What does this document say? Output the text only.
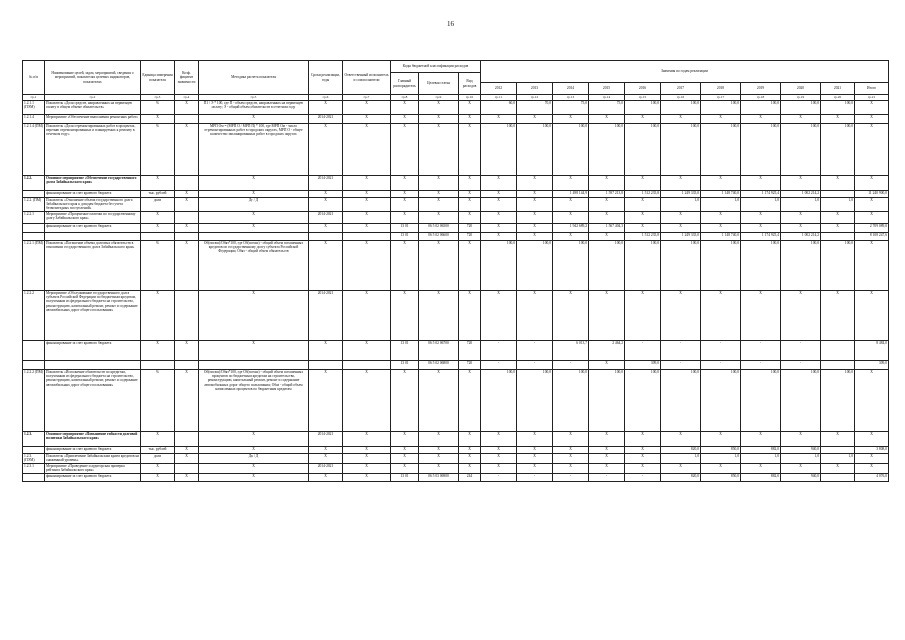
16
№ п/п	Наименование целей, задач, мероприятий, сведения о мероприятий, показателях целевых индикаторов, показателях	Единица измерения показателя	Коэф. фициент значимости	Методика расчета показателя	Сроки реализации, годы	Ответственный исполнитель и соисполнители	Коды бюджетной классификации расходов			Значения по годам реализации										
							Главный распорядитель	Целевая статья	Вид расходов											
										2012	2013	2014	2015	2016	2017	2018	2019	2020	2021	Итого
гр.1	гр.2	гр.3	гр.4	гр.5	гр.6	гр.7	гр.8	гр.9	гр.10	гр.11	гр.12	гр.13	гр.14	гр.15	гр.16	гр.17	гр.18	гр.19	гр.20	гр.21
1.2.1.1 (ПЭМ)	Показатель «Доля средств, направленных на первичную оплату в общем объеме обязательств»	%	Х	П1 / Э * 100, где П - объем средств, направленных на первичную оплату; Э - общий объем обязательств в отчетном году	Х	Х	Х	Х	Х	60,0	70,0	75,0	75,0	100,0	100,0	100,0	100,0	100,0	100,0	Х
1.2.1.4	Мероприятие «Обеспечение выполнения ремонтных работ»	Х		Х	2014-2021	Х	Х	Х	Х	Х	Х	Х	Х	Х	Х	Х	Х	Х	Х	Х
1.2.1.4 (ПМ)	Показатель «Доля отремонтированных работ в процентах, перечню отремонтированных и планируемых к ремонту в отчетном году»	%	Х	МРП Ом = (МРП О / МРП П) * 100, где МРП Ом - число отремонтированных работ в городских округах, МРП О - общее количество запланированных работ в городских округах	Х	Х	Х	Х	Х	100,0	100,0	100,0	100,0	100,0	100,0	100,0	100,0	100,0	100,0	Х
1.2.2.	Основное мероприятие «Обеспечение государственного долга Забайкальского края»	Х		Х	2014-2021	Х	Х	Х	Х	Х	Х	Х	Х	Х	Х	Х	Х	Х	Х	Х
	финансирование за счет краевого бюджета	тыс. рублей	Х	Х	Х	Х	Х	Х	Х	Х	Х	1 498 144,9	1 597 213,8	1 512 235,8	1 249 335,0	1 148 740,0	1 174 925,4	1 002 214,2		11 240 900,0
1.2.2. (ПМ)	Показатель «Отношение объема государственного долга Забайкальского края к доходам бюджета без учета безвозмездных поступлений»	доли	Х	Дг / Д	Х	Х	Х	Х	Х	Х	Х	Х	Х	Х	1,0	1,0	1,0	1,0	1,0	Х
1.2.2.1	Мероприятие «Процентные платежи по государственному долгу Забайкальского края»	Х		Х	2014-2021	Х	Х	Х	Х	Х	Х	Х	Х	Х	Х	Х	Х	Х	Х	Х
	финансирование за счет краевого бюджета	Х	Х	Х	Х	Х	13 01	06 5 02 06500	720	Х	Х	1 942 689,2	1 567 404,3	Х	Х	Х	Х	Х	Х	2 709 089,0
							13 01	06 5 02 06600	720	Х	Х	Х	Х	1 512 235,8	1 249 335,0	1 148 740,0	1 174 925,4	1 002 214,2		8 108 247,6
1.2.2.1 (ПМ)	Показатель «Погашение объема долговых обязательств в отношении государственного долга Забайкальского края»	%	Х	Об(погаш)/Обяз*100, где Об(погаш) - общий объем погашенных кредитов по государственному долгу субъекта Российской Федерации; Обяз - общий объем обязательств	Х	Х	Х	Х	Х	100,0	100,0	100,0	100,0	100,0	100,0	100,0	100,0	100,0	100,0	Х
1.2.2.2	Мероприятие «Обслуживание государственного долга субъекта Российской Федерации по бюджетным кредитам, полученным из федерального бюджета на строительство, реконструкцию, капитальный ремонт, ремонт и содержание автомобильных дорог общего пользования»	Х		Х	2014-2021	Х	Х	Х	Х	Х	Х	Х	Х	Х	Х	Х	Х	Х	Х	Х
	финансирование за счет краевого бюджета	Х	Х	Х	Х	Х	13 01	06 5 02 06700	720	-	-	6 013,7	2 464,2	-	-	-	-	-		8 484,0
							13 01	06 5 02 06800	720	-	-	-	Х	309,0	-	-	-	-		309,0
1.2.2.2 (ПМ)	Показатель «Исполнение обязательств по кредитам, полученным из федерального бюджета на строительство, реконструкцию, капитальный ремонт, ремонт и содержание автомобильных дорог общего пользования»	%	Х	Об(погаш)/Обяз*100, где Об(погаш) - общий объем погашенных процентов по бюджетным кредитам на строительство, реконструкцию, капитальный ремонт, ремонт и содержание автомобильных дорог общего пользования; Обяз - общий объем начисленных процентов по бюджетным кредитам	Х	Х	Х	Х	Х	100,0	100,0	100,0	100,0	100,0	100,0	100,0	100,0	100,0	100,0	Х
1.2.3.	Основное мероприятие «Повышение гибкости долговой политики Забайкальского края»	Х		Х	2014-2021	Х	Х	Х	Х	Х	Х	Х	Х	Х	Х	Х	Х	Х	Х	Х
	финансирование за счет краевого бюджета	тыс. рублей	Х	Х	Х	Х	Х	Х	Х	Х	Х	Х	Х	Х	820,0	850,0	882,0	940,0		3 808,0
1.2.3. (ПЭМ)	Показатель «Привлечение Забайкальским краем кредитов на сниженный уровень»	доли	Х	Дк / Д	Х	Х	Х	Х	Х	Х	Х	Х	Х	Х	1,0	1,0	1,0	1,0	1,0	Х
1.2.3.1	Мероприятие «Проведение и аудиторская проверка рейтинга Забайкальского края»	Х		Х	2014-2021	Х	Х	Х	Х	Х	Х	Х	Х	Х	Х	Х	Х	Х	Х	Х
	финансирование за счет краевого бюджета	Х	Х	Х	Х	Х	13 01	06 5 03 06900	244	-	-	-	-	-	820,0	850,0	882,0	940,0		4 076,0
